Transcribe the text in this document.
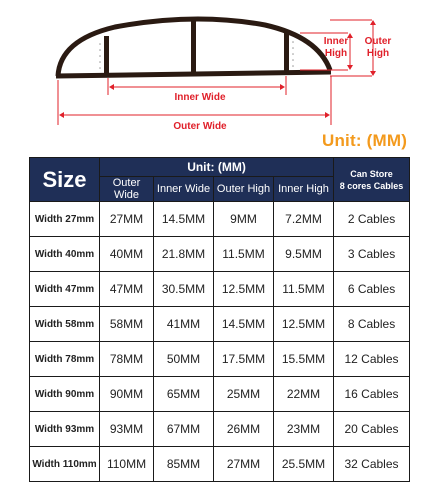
Inner
High
Outer
High
Inner Wide
Outer Wide
Unit: (MM)
Size	Unit: (MM)				Can Store
8 cores Cables

	Outer Wide	Inner Wide	Outer High	Inner High	
Width 27mm	27MM	14.5MM	9MM	7.2MM	2 Cables
Width 40mm	40MM	21.8MM	11.5MM	9.5MM	3 Cables
Width 47mm	47MM	30.5MM	12.5MM	11.5MM	6 Cables
Width 58mm	58MM	41MM	14.5MM	12.5MM	8 Cables
Width 78mm	78MM	50MM	17.5MM	15.5MM	12 Cables
Width 90mm	90MM	65MM	25MM	22MM	16 Cables
Width 93mm	93MM	67MM	26MM	23MM	20 Cables
Width 110mm	110MM	85MM	27MM	25.5MM	32 Cables
